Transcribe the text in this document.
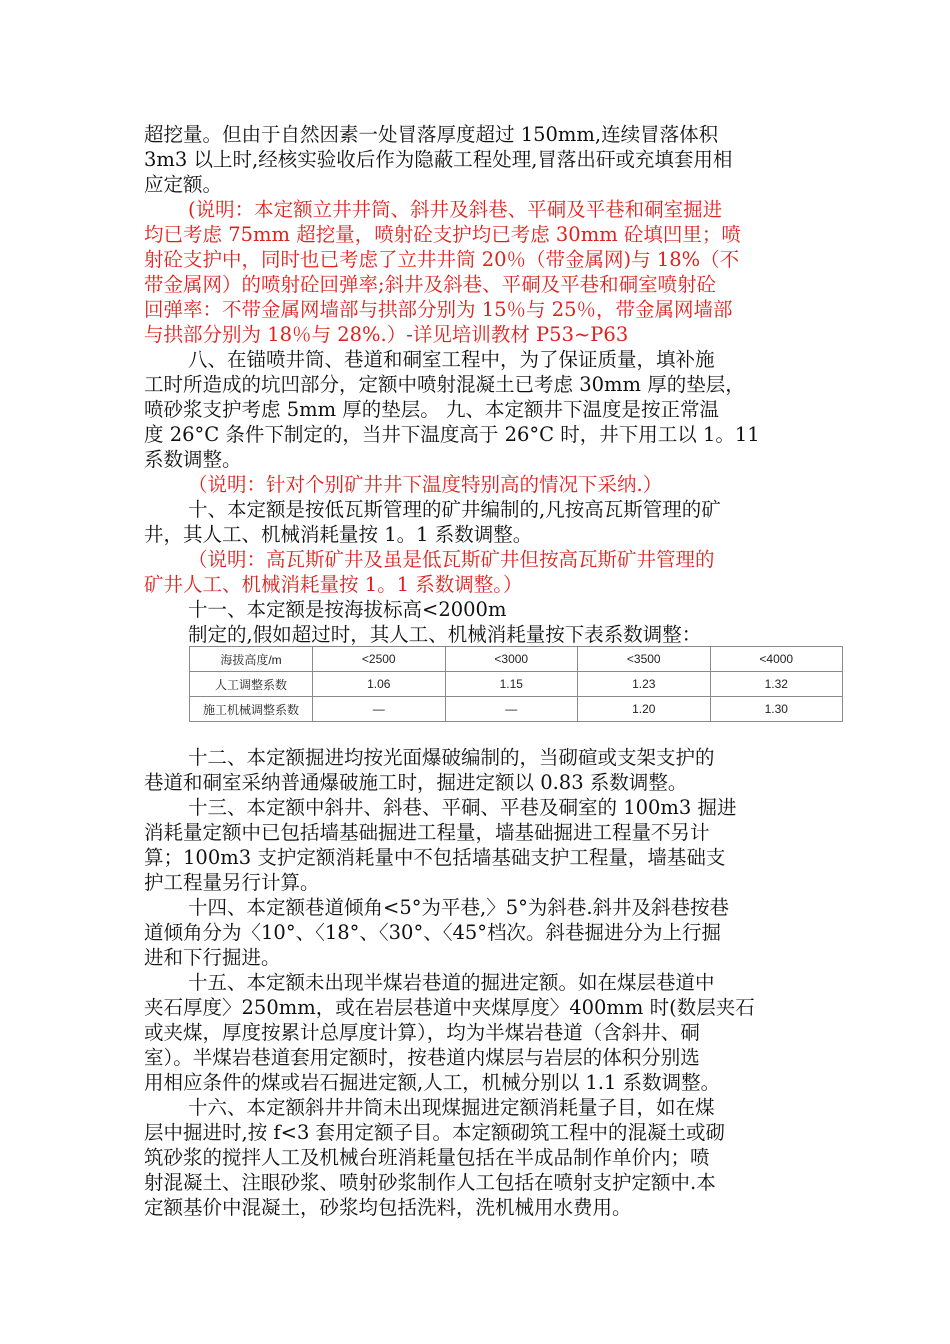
超挖量。但由于自然因素一处冒落厚度超过 150mm,连续冒落体积
3m3 以上时,经核实验收后作为隐蔽工程处理,冒落出矸或充填套用相
应定额。
(说明：本定额立井井筒、斜井及斜巷、平硐及平巷和硐室掘进
均已考虑 75mm 超挖量，喷射砼支护均已考虑 30mm 砼填凹里；喷
射砼支护中，同时也已考虑了立井井筒 20％（带金属网)与 18%（不
带金属网）的喷射砼回弹率;斜井及斜巷、平硐及平巷和硐室喷射砼
回弹率：不带金属网墙部与拱部分别为 15％与 25％，带金属网墙部
与拱部分别为 18％与 28%.）-详见培训教材 P53~P63
八、在锚喷井筒、巷道和硐室工程中，为了保证质量，填补施
工时所造成的坑凹部分，定额中喷射混凝土已考虑 30mm 厚的垫层，
喷砂浆支护考虑 5mm 厚的垫层。 九、本定额井下温度是按正常温
度 26°C 条件下制定的，当井下温度高于 26°C 时，井下用工以 1。11
系数调整。
（说明：针对个别矿井井下温度特别高的情况下采纳.）
十、本定额是按低瓦斯管理的矿井编制的,凡按高瓦斯管理的矿
井，其人工、机械消耗量按 1。1 系数调整。
（说明：高瓦斯矿井及虽是低瓦斯矿井但按高瓦斯矿井管理的
矿井人工、机械消耗量按 1。1 系数调整。）
十一、本定额是按海拔标高<2000m
制定的,假如超过时，其人工、机械消耗量按下表系数调整：
十二、本定额掘进均按光面爆破编制的，当砌碹或支架支护的
巷道和硐室采纳普通爆破施工时，掘进定额以 0.83 系数调整。
十三、本定额中斜井、斜巷、平硐、平巷及硐室的 100m3 掘进
消耗量定额中已包括墙基础掘进工程量，墙基础掘进工程量不另计
算；100m3 支护定额消耗量中不包括墙基础支护工程量，墙基础支
护工程量另行计算。
十四、本定额巷道倾角<5°为平巷,〉5°为斜巷.斜井及斜巷按巷
道倾角分为〈10°、〈18°、〈30°、〈45°档次。斜巷掘进分为上行掘
进和下行掘进。
十五、本定额未出现半煤岩巷道的掘进定额。如在煤层巷道中
夹石厚度〉250mm，或在岩层巷道中夹煤厚度〉400mm 时(数层夹石
或夹煤，厚度按累计总厚度计算），均为半煤岩巷道（含斜井、硐
室）。半煤岩巷道套用定额时，按巷道内煤层与岩层的体积分别选
用相应条件的煤或岩石掘进定额,人工，机械分别以 1.1 系数调整。
十六、本定额斜井井筒未出现煤掘进定额消耗量子目，如在煤
层中掘进时,按 f<3 套用定额子目。本定额砌筑工程中的混凝土或砌
筑砂浆的搅拌人工及机械台班消耗量包括在半成品制作单价内；喷
射混凝土、注眼砂浆、喷射砂浆制作人工包括在喷射支护定额中.本
定额基价中混凝土，砂浆均包括洗料，洗机械用水费用。
海拔高度/m	<2500	<3000	<3500	<4000
人工调整系数	1.06	1.15	1.23	1.32
施工机械调整系数	—	—	1.20	1.30
